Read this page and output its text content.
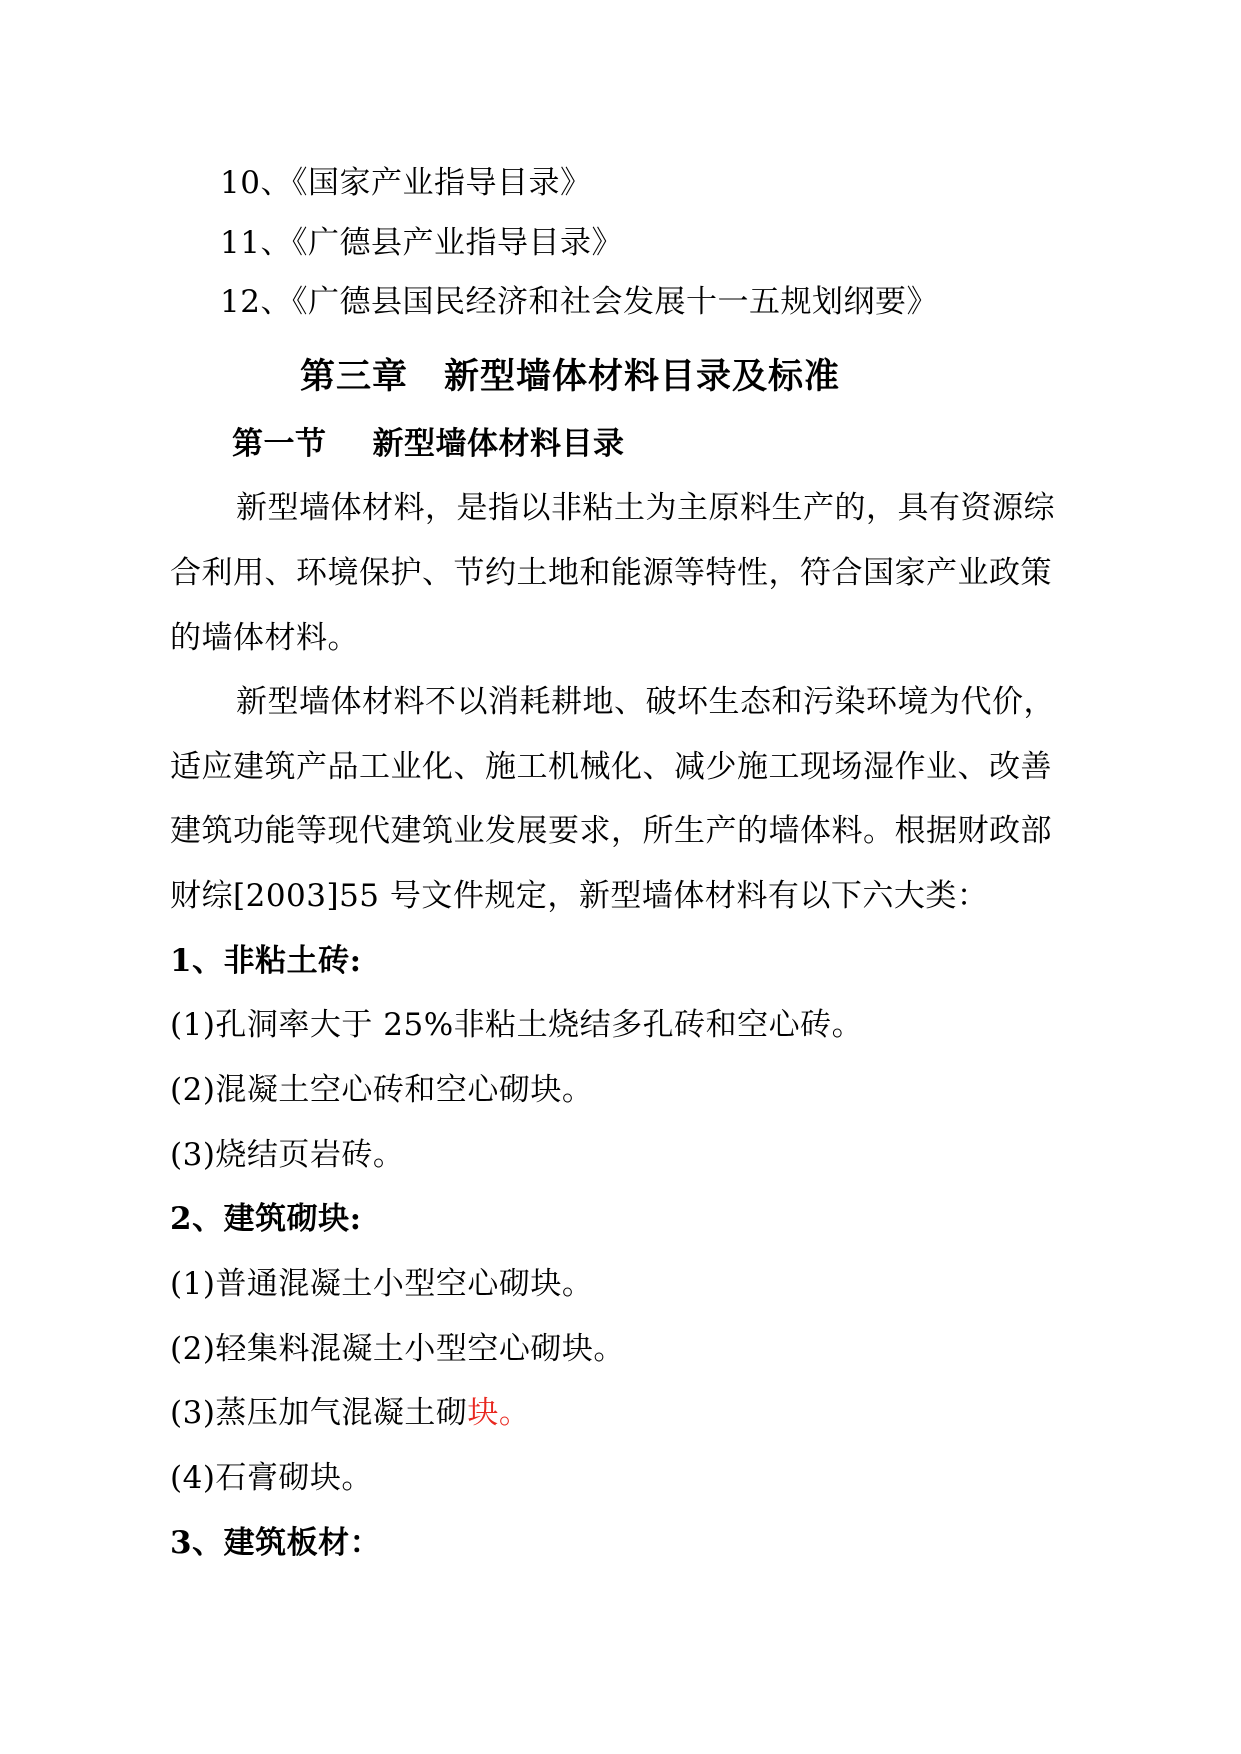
10、《国家产业指导目录》
11、《广德县产业指导目录》
12、《广德县国民经济和社会发展十一五规划纲要》
第三章 新型墙体材料目录及标准
第一节 新型墙体材料目录
新型墙体材料，是指以非粘土为主原料生产的，具有资源综
合利用、环境保护、节约土地和能源等特性，符合国家产业政策
的墙体材料。
新型墙体材料不以消耗耕地、破坏生态和污染环境为代价，
适应建筑产品工业化、施工机械化、减少施工现场湿作业、改善
建筑功能等现代建筑业发展要求，所生产的墙体料。根据财政部
财综[2003]55 号文件规定，新型墙体材料有以下六大类：
1、非粘土砖:
(1)孔洞率大于 25%非粘土烧结多孔砖和空心砖。
(2)混凝土空心砖和空心砌块。
(3)烧结页岩砖。
2、建筑砌块:
(1)普通混凝土小型空心砌块。
(2)轻集料混凝土小型空心砌块。
(3)蒸压加气混凝土砌块。
(4)石膏砌块。
3、建筑板材：
